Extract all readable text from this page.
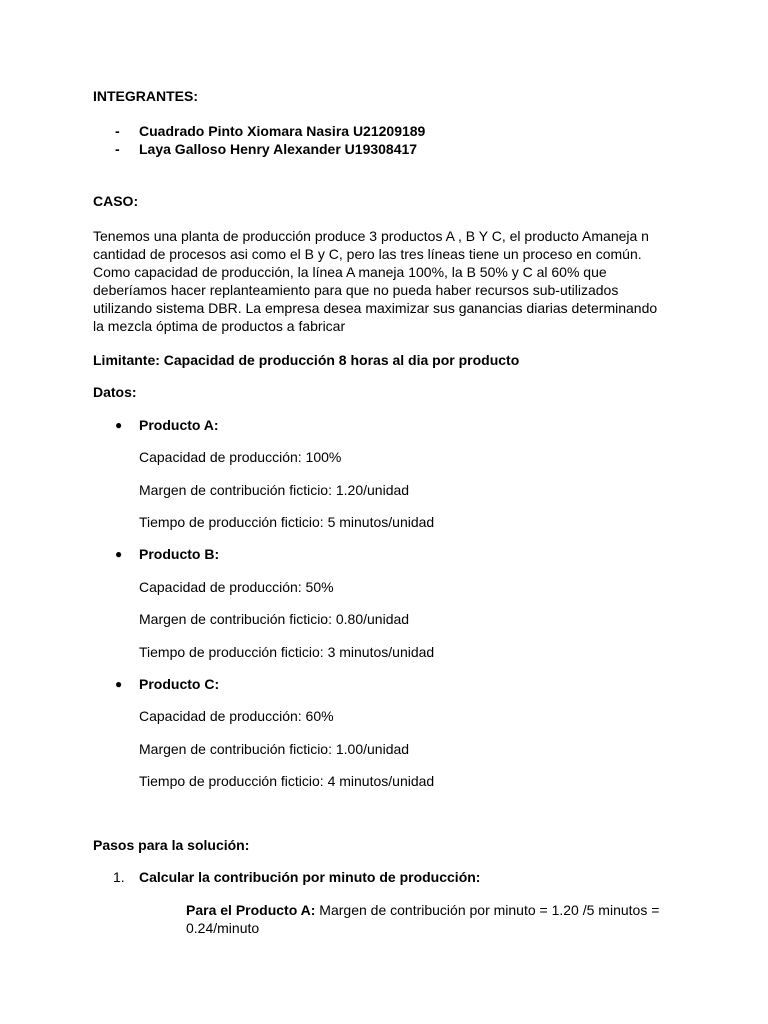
INTEGRANTES:
- Cuadrado Pinto Xiomara Nasira U21209189
- Laya Galloso Henry Alexander U19308417
CASO:
Tenemos una planta de producción produce 3 productos A , B Y C, el producto Amaneja n
cantidad de procesos asi como el B y C, pero las tres líneas tiene un proceso en común.
Como capacidad de producción, la línea A maneja 100%, la B 50% y C al 60% que
deberíamos hacer replanteamiento para que no pueda haber recursos sub-utilizados
utilizando sistema DBR. La empresa desea maximizar sus ganancias diarias determinando
la mezcla óptima de productos a fabricar
Limitante: Capacidad de producción 8 horas al dia por producto
Datos:
● Producto A:
Capacidad de producción: 100%
Margen de contribución ficticio: 1.20/unidad
Tiempo de producción ficticio: 5 minutos/unidad
● Producto B:
Capacidad de producción: 50%
Margen de contribución ficticio: 0.80/unidad
Tiempo de producción ficticio: 3 minutos/unidad
● Producto C:
Capacidad de producción: 60%
Margen de contribución ficticio: 1.00/unidad
Tiempo de producción ficticio: 4 minutos/unidad
Pasos para la solución:
1. Calcular la contribución por minuto de producción:
Para el Producto A: Margen de contribución por minuto = 1.20 /5 minutos =
0.24/minuto
